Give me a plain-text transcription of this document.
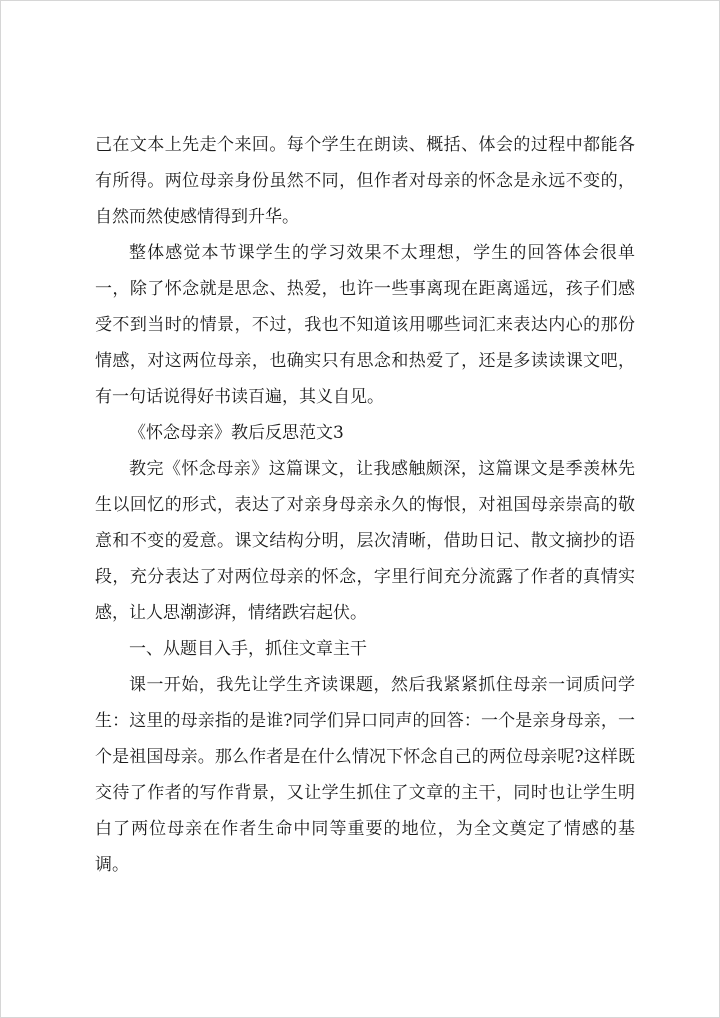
己在文本上先走个来回。每个学生在朗读、概括、体会的过程中都能各有所得。两位母亲身份虽然不同，但作者对母亲的怀念是永远不变的，自然而然使感情得到升华。

整体感觉本节课学生的学习效果不太理想，学生的回答体会很单一，除了怀念就是思念、热爱，也许一些事离现在距离遥远，孩子们感受不到当时的情景，不过，我也不知道该用哪些词汇来表达内心的那份情感，对这两位母亲，也确实只有思念和热爱了，还是多读读课文吧，有一句话说得好书读百遍，其义自见。

《怀念母亲》教后反思范文3

教完《怀念母亲》这篇课文，让我感触颇深，这篇课文是季羡林先生以回忆的形式，表达了对亲身母亲永久的悔恨，对祖国母亲崇高的敬意和不变的爱意。课文结构分明，层次清晰，借助日记、散文摘抄的语段，充分表达了对两位母亲的怀念，字里行间充分流露了作者的真情实感，让人思潮澎湃，情绪跌宕起伏。

一、从题目入手，抓住文章主干

课一开始，我先让学生齐读课题，然后我紧紧抓住母亲一词质问学生：这里的母亲指的是谁?同学们异口同声的回答：一个是亲身母亲，一个是祖国母亲。那么作者是在什么情况下怀念自己的两位母亲呢?这样既交待了作者的写作背景，又让学生抓住了文章的主干，同时也让学生明白了两位母亲在作者生命中同等重要的地位，为全文奠定了情感的基调。
